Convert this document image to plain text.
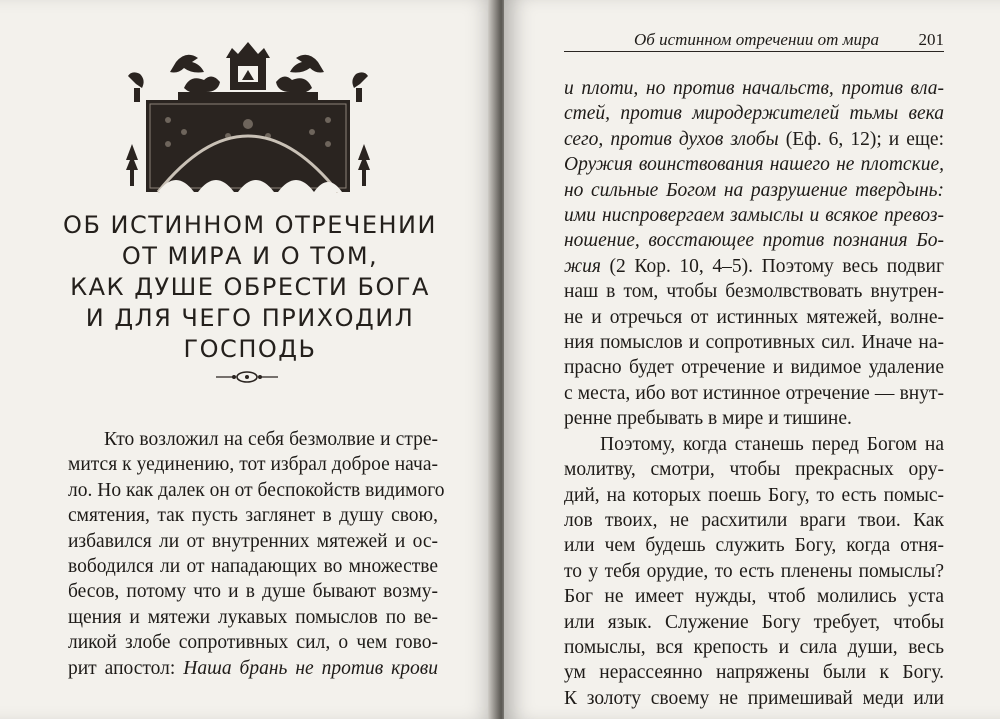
ОБ ИСТИННОМ ОТРЕЧЕНИИ
ОТ МИРА И О ТОМ,
КАК ДУШЕ ОБРЕСТИ БОГА
И ДЛЯ ЧЕГО ПРИХОДИЛ
ГОСПОДЬ
Кто возложил на себя безмолвие и стре-
мится к уединению, тот избрал доброе нача-
ло. Но как далек он от беспокойств видимого
смятения, так пусть заглянет в душу свою,
избавился ли от внутренних мятежей и ос-
вободился ли от нападающих во множестве
бесов, потому что и в душе бывают возму-
щения и мятежи лукавых помыслов по ве-
ликой злобе сопротивных сил, о чем гово-
рит апостол: Наша брань не против крови
Об истинном отречении от мира 201
и плоти, но против начальств, против вла-
стей, против миродержителей тьмы века
сего, против духов злобы (Еф. 6, 12); и еще:
Оружия воинствования нашего не плотские,
но сильные Богом на разрушение твердынь:
ими ниспровергаем замыслы и всякое превоз-
ношение, восстающее против познания Бо-
жия (2 Кор. 10, 4–5). Поэтому весь подвиг
наш в том, чтобы безмолвствовать внутрен-
не и отречься от истинных мятежей, волне-
ния помыслов и сопротивных сил. Иначе на-
прасно будет отречение и видимое удаление
с места, ибо вот истинное отречение — внут-
ренне пребывать в мире и тишине.
Поэтому, когда станешь перед Богом на
молитву, смотри, чтобы прекрасных ору-
дий, на которых поешь Богу, то есть помыс-
лов твоих, не расхитили враги твои. Как
или чем будешь служить Богу, когда отня-
то у тебя орудие, то есть пленены помыслы?
Бог не имеет нужды, чтоб молились уста
или язык. Служение Богу требует, чтобы
помыслы, вся крепость и сила души, весь
ум нерассеянно напряжены были к Богу.
К золоту своему не примешивай меди или
